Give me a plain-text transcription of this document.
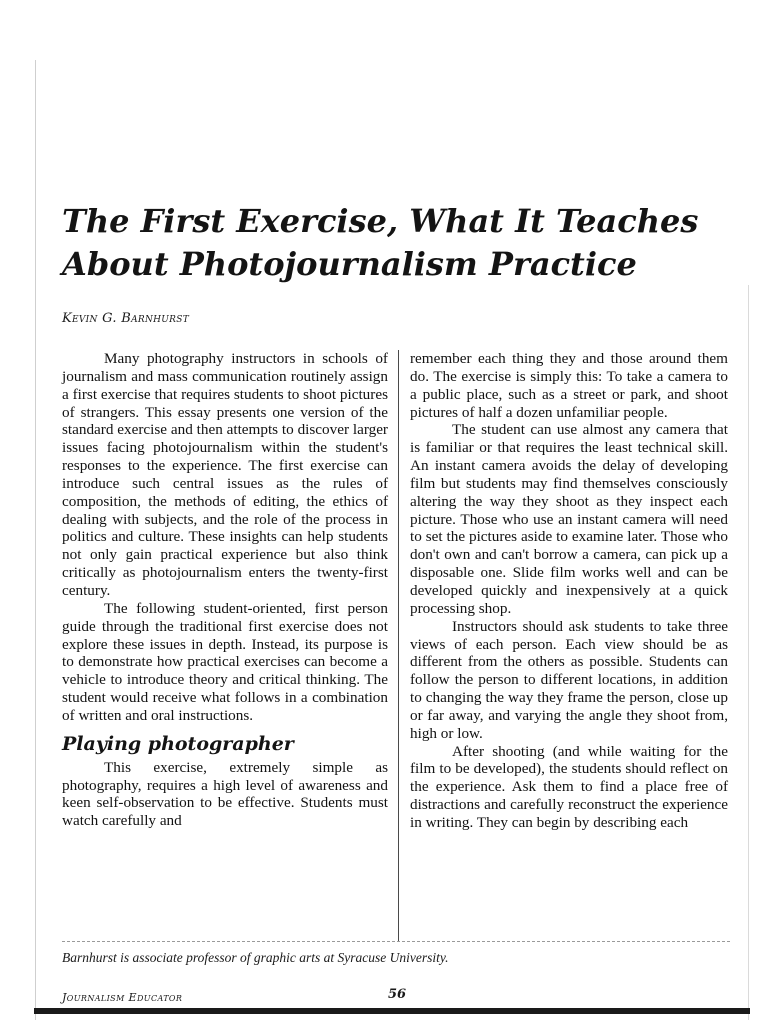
The First Exercise, What It Teaches About Photojournalism Practice
Kevin G. Barnhurst

Many photography instructors in schools of journalism and mass communication routinely assign a first exercise that requires students to shoot pictures of strangers. This essay presents one version of the standard exercise and then attempts to discover larger issues facing photojournalism within the student's responses to the experience. The first exercise can introduce such central issues as the rules of composition, the methods of editing, the ethics of dealing with subjects, and the role of the process in politics and culture. These insights can help students not only gain practical experience but also think critically as photojournalism enters the twenty-first century.

The following student-oriented, first person guide through the traditional first exercise does not explore these issues in depth. Instead, its purpose is to demonstrate how practical exercises can become a vehicle to introduce theory and critical thinking. The student would receive what follows in a combination of written and oral instructions.

Playing photographer

This exercise, extremely simple as photography, requires a high level of awareness and keen self-observation to be effective. Students must watch carefully and

remember each thing they and those around them do. The exercise is simply this: To take a camera to a public place, such as a street or park, and shoot pictures of half a dozen unfamiliar people.

The student can use almost any camera that is familiar or that requires the least technical skill. An instant camera avoids the delay of developing film but students may find themselves consciously altering the way they shoot as they inspect each picture. Those who use an instant camera will need to set the pictures aside to examine later. Those who don't own and can't borrow a camera, can pick up a disposable one. Slide film works well and can be developed quickly and inexpensively at a quick processing shop.

Instructors should ask students to take three views of each person. Each view should be as different from the others as possible. Students can follow the person to different locations, in addition to changing the way they frame the person, close up or far away, and varying the angle they shoot from, high or low.

After shooting (and while waiting for the film to be developed), the students should reflect on the experience. Ask them to find a place free of distractions and carefully reconstruct the experience in writing. They can begin by describing each

Barnhurst is associate professor of graphic arts at Syracuse University.
Journalism Educator	56
